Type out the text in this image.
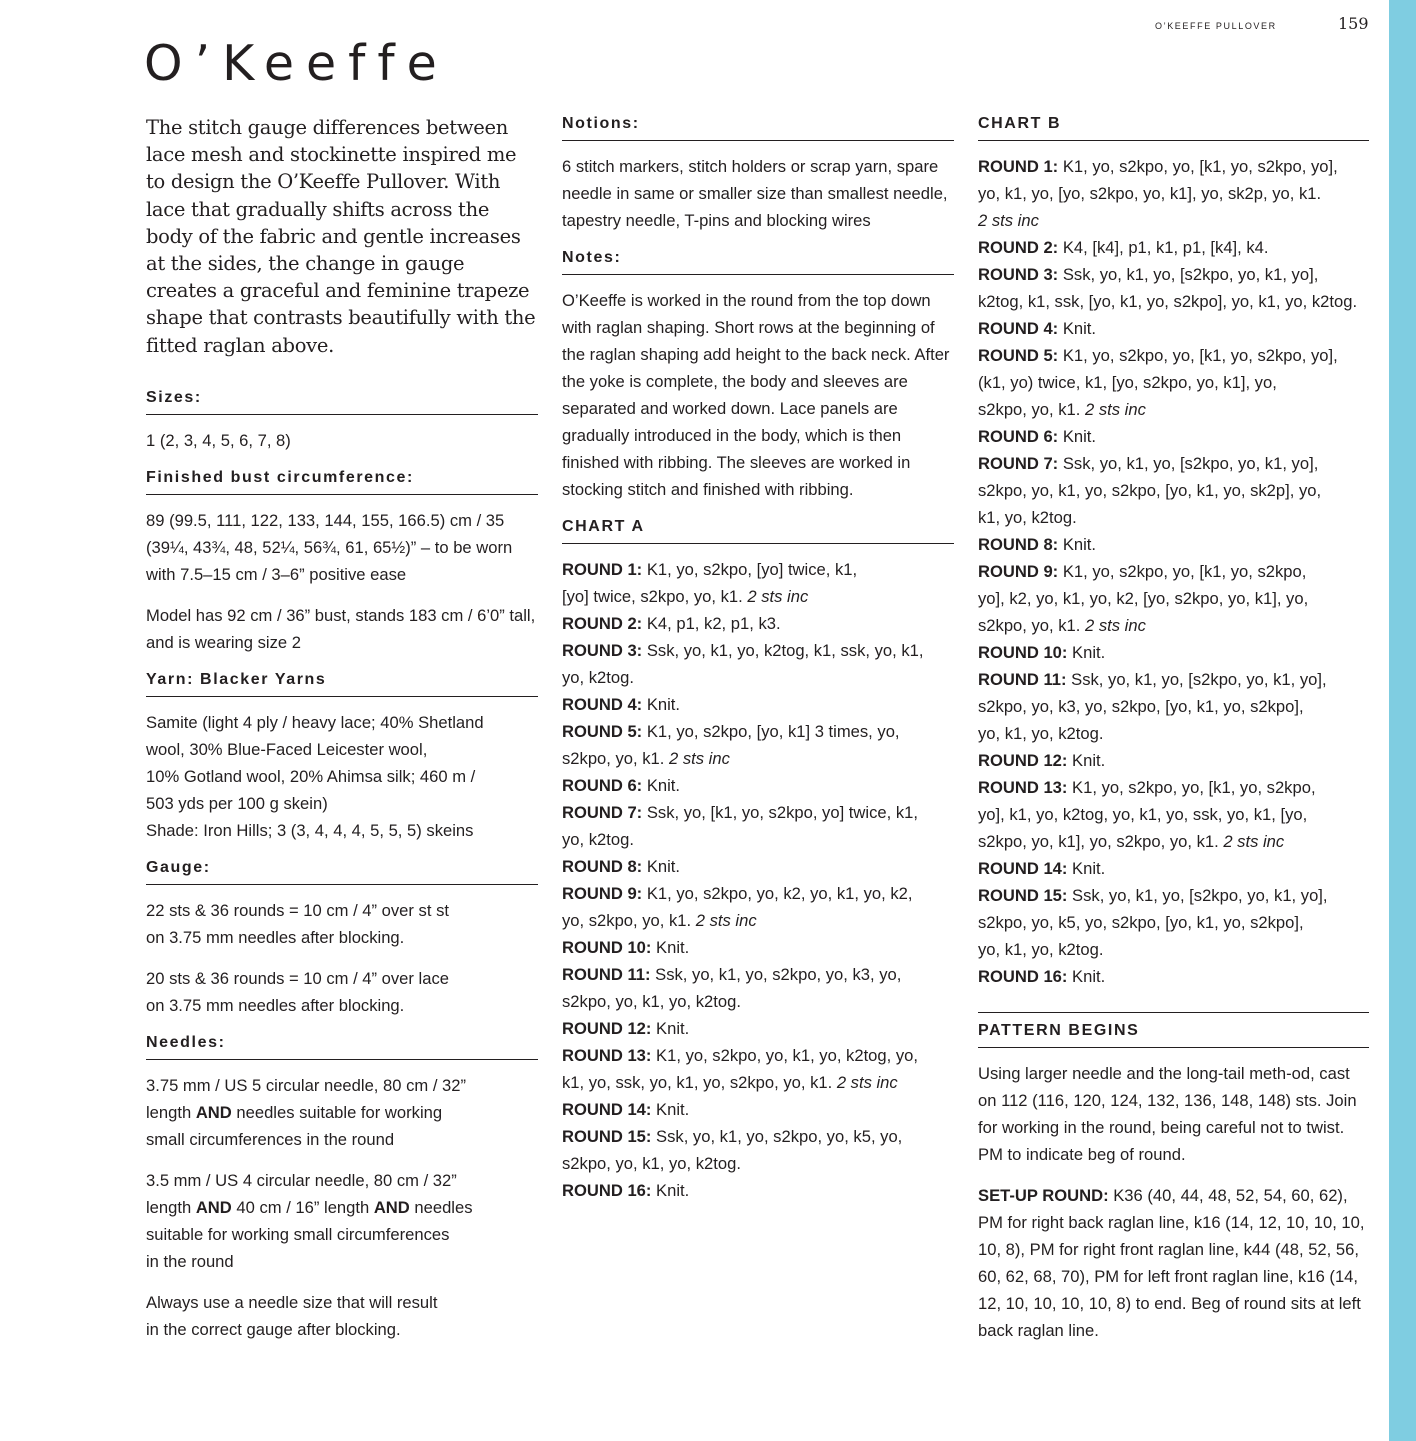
O’KEEFFE PULLOVER	159
O’Keeffe

The stitch gauge differences between lace mesh and stockinette inspired me to design the O’Keeffe Pullover. With lace that gradually shifts across the body of the fabric and gentle increases at the sides, the change in gauge creates a graceful and feminine trapeze shape that contrasts beautifully with the fitted raglan above.

Sizes:

1 (2, 3, 4, 5, 6, 7, 8)

Finished bust circumference:

89 (99.5, 111, 122, 133, 144, 155, 166.5) cm / 35 (39¼, 43¾, 48, 52¼, 56¾, 61, 65½)” – to be worn with 7.5–15 cm / 3–6” positive ease

Model has 92 cm / 36” bust, stands 183 cm / 6’0” tall, and is wearing size 2

Yarn: Blacker Yarns

Samite (light 4 ply / heavy lace; 40% Shetland
wool, 30% Blue-Faced Leicester wool,
10% Gotland wool, 20% Ahimsa silk; 460 m /
503 yds per 100 g skein)
Shade: Iron Hills; 3 (3, 4, 4, 4, 5, 5, 5) skeins

Gauge:

22 sts & 36 rounds = 10 cm / 4” over st st
on 3.75 mm needles after blocking.

20 sts & 36 rounds = 10 cm / 4” over lace
on 3.75 mm needles after blocking.

Needles:

3.75 mm / US 5 circular needle, 80 cm / 32”
length AND needles suitable for working
small circumferences in the round

3.5 mm / US 4 circular needle, 80 cm / 32”
length AND 40 cm / 16” length AND needles
suitable for working small circumferences
in the round

Always use a needle size that will result
in the correct gauge after blocking.

Notions:

6 stitch markers, stitch holders or scrap yarn, spare needle in same or smaller size than smallest needle, tapestry needle, T-pins and blocking wires

Notes:

O’Keeffe is worked in the round from the top down with raglan shaping. Short rows at the beginning of the raglan shaping add height to the back neck. After the yoke is complete, the body and sleeves are separated and worked down. Lace panels are gradually introduced in the body, which is then finished with ribbing. The sleeves are worked in stocking stitch and finished with ribbing.

CHART A
ROUND 1: K1, yo, s2kpo, [yo] twice, k1,
[yo] twice, s2kpo, yo, k1. 2 sts inc
ROUND 2: K4, p1, k2, p1, k3.
ROUND 3: Ssk, yo, k1, yo, k2tog, k1, ssk, yo, k1,
yo, k2tog.
ROUND 4: Knit.
ROUND 5: K1, yo, s2kpo, [yo, k1] 3 times, yo,
s2kpo, yo, k1. 2 sts inc
ROUND 6: Knit.
ROUND 7: Ssk, yo, [k1, yo, s2kpo, yo] twice, k1,
yo, k2tog.
ROUND 8: Knit.
ROUND 9: K1, yo, s2kpo, yo, k2, yo, k1, yo, k2,
yo, s2kpo, yo, k1. 2 sts inc
ROUND 10: Knit.
ROUND 11: Ssk, yo, k1, yo, s2kpo, yo, k3, yo,
s2kpo, yo, k1, yo, k2tog.
ROUND 12: Knit.
ROUND 13: K1, yo, s2kpo, yo, k1, yo, k2tog, yo,
k1, yo, ssk, yo, k1, yo, s2kpo, yo, k1. 2 sts inc
ROUND 14: Knit.
ROUND 15: Ssk, yo, k1, yo, s2kpo, yo, k5, yo,
s2kpo, yo, k1, yo, k2tog.
ROUND 16: Knit.
CHART B
ROUND 1: K1, yo, s2kpo, yo, [k1, yo, s2kpo, yo],
yo, k1, yo, [yo, s2kpo, yo, k1], yo, sk2p, yo, k1.
2 sts inc
ROUND 2: K4, [k4], p1, k1, p1, [k4], k4.
ROUND 3: Ssk, yo, k1, yo, [s2kpo, yo, k1, yo],
k2tog, k1, ssk, [yo, k1, yo, s2kpo], yo, k1, yo, k2tog.
ROUND 4: Knit.
ROUND 5: K1, yo, s2kpo, yo, [k1, yo, s2kpo, yo],
(k1, yo) twice, k1, [yo, s2kpo, yo, k1], yo,
s2kpo, yo, k1. 2 sts inc
ROUND 6: Knit.
ROUND 7: Ssk, yo, k1, yo, [s2kpo, yo, k1, yo],
s2kpo, yo, k1, yo, s2kpo, [yo, k1, yo, sk2p], yo,
k1, yo, k2tog.
ROUND 8: Knit.
ROUND 9: K1, yo, s2kpo, yo, [k1, yo, s2kpo,
yo], k2, yo, k1, yo, k2, [yo, s2kpo, yo, k1], yo,
s2kpo, yo, k1. 2 sts inc
ROUND 10: Knit.
ROUND 11: Ssk, yo, k1, yo, [s2kpo, yo, k1, yo],
s2kpo, yo, k3, yo, s2kpo, [yo, k1, yo, s2kpo],
yo, k1, yo, k2tog.
ROUND 12: Knit.
ROUND 13: K1, yo, s2kpo, yo, [k1, yo, s2kpo,
yo], k1, yo, k2tog, yo, k1, yo, ssk, yo, k1, [yo,
s2kpo, yo, k1], yo, s2kpo, yo, k1. 2 sts inc
ROUND 14: Knit.
ROUND 15: Ssk, yo, k1, yo, [s2kpo, yo, k1, yo],
s2kpo, yo, k5, yo, s2kpo, [yo, k1, yo, s2kpo],
yo, k1, yo, k2tog.
ROUND 16: Knit.
PATTERN BEGINS

Using larger needle and the long-tail meth-od, cast on 112 (116, 120, 124, 132, 136, 148, 148) sts. Join for working in the round, being careful not to twist. PM to indicate beg of round.

SET-UP ROUND: K36 (40, 44, 48, 52, 54, 60, 62), PM for right back raglan line, k16 (14, 12, 10, 10, 10, 10, 8), PM for right front raglan line, k44 (48, 52, 56, 60, 62, 68, 70), PM for left front raglan line, k16 (14, 12, 10, 10, 10, 10, 8) to end. Beg of round sits at left back raglan line.
